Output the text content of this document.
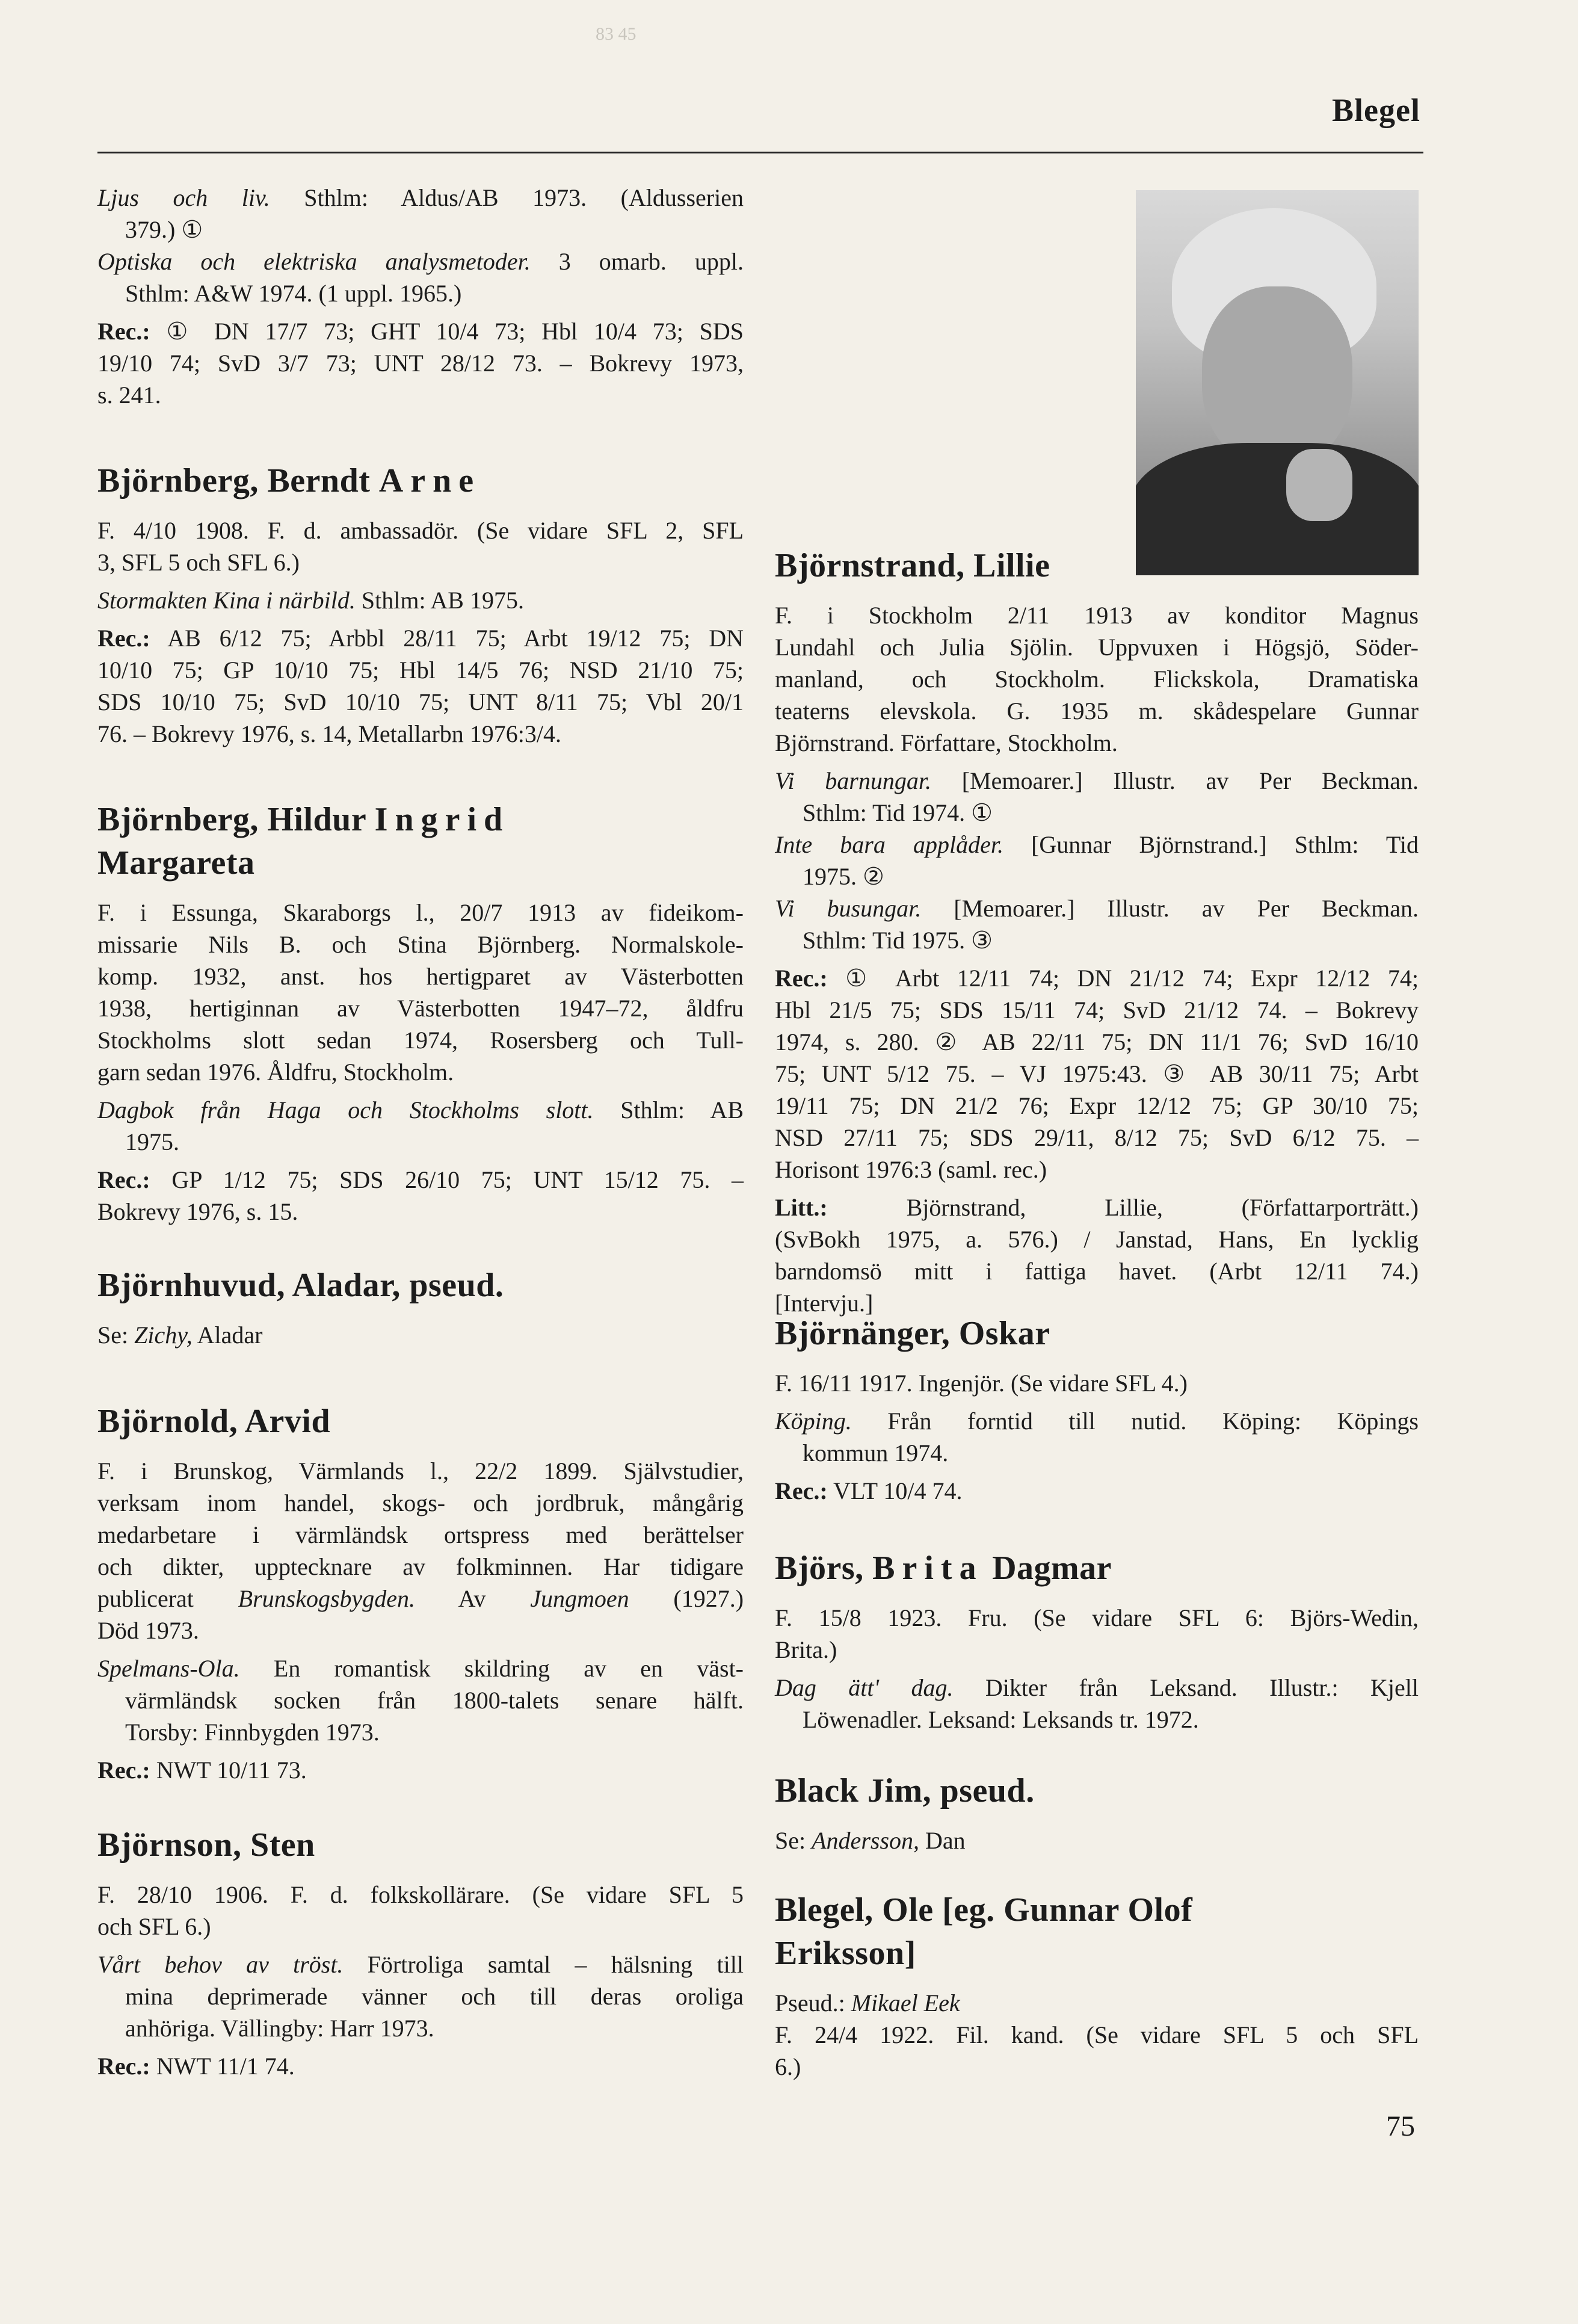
83 45
Blegel
Ljus och liv. Sthlm: Aldus/AB 1973. (Aldusserien
379.) ①
Optiska och elektriska analysmetoder. 3 omarb. uppl.
Sthlm: A&W 1974. (1 uppl. 1965.)
Rec.: ① DN 17/7 73; GHT 10/4 73; Hbl 10/4 73; SDS
19/10 74; SvD 3/7 73; UNT 28/12 73. – Bokrevy 1973,
s. 241.
Björnberg, Berndt Arne
F. 4/10 1908. F. d. ambassadör. (Se vidare SFL 2, SFL
3, SFL 5 och SFL 6.)
Stormakten Kina i närbild. Sthlm: AB 1975.
Rec.: AB 6/12 75; Arbbl 28/11 75; Arbt 19/12 75; DN
10/10 75; GP 10/10 75; Hbl 14/5 76; NSD 21/10 75;
SDS 10/10 75; SvD 10/10 75; UNT 8/11 75; Vbl 20/1
76. – Bokrevy 1976, s. 14, Metallarbn 1976:3/4.
Björnberg, Hildur Ingrid
Margareta
F. i Essunga, Skaraborgs l., 20/7 1913 av fideikom-
missarie Nils B. och Stina Björnberg. Normalskole-
komp. 1932, anst. hos hertigparet av Västerbotten
1938, hertiginnan av Västerbotten 1947–72, åldfru
Stockholms slott sedan 1974, Rosersberg och Tull-
garn sedan 1976. Åldfru, Stockholm.
Dagbok från Haga och Stockholms slott. Sthlm: AB
1975.
Rec.: GP 1/12 75; SDS 26/10 75; UNT 15/12 75. –
Bokrevy 1976, s. 15.
Björnhuvud, Aladar, pseud.
Se: Zichy, Aladar
Björnold, Arvid
F. i Brunskog, Värmlands l., 22/2 1899. Självstudier,
verksam inom handel, skogs- och jordbruk, mångårig
medarbetare i värmländsk ortspress med berättelser
och dikter, upptecknare av folkminnen. Har tidigare
publicerat Brunskogsbygden. Av Jungmoen (1927.)
Död 1973.
Spelmans-Ola. En romantisk skildring av en väst-
värmländsk socken från 1800-talets senare hälft.
Torsby: Finnbygden 1973.
Rec.: NWT 10/11 73.
Björnson, Sten
F. 28/10 1906. F. d. folkskollärare. (Se vidare SFL 5
och SFL 6.)
Vårt behov av tröst. Förtroliga samtal – hälsning till
mina deprimerade vänner och till deras oroliga
anhöriga. Vällingby: Harr 1973.
Rec.: NWT 11/1 74.
Björnstrand, Lillie
F. i Stockholm 2/11 1913 av konditor Magnus
Lundahl och Julia Sjölin. Uppvuxen i Högsjö, Söder-
manland, och Stockholm. Flickskola, Dramatiska
teaterns elevskola. G. 1935 m. skådespelare Gunnar
Björnstrand. Författare, Stockholm.
Vi barnungar. [Memoarer.] Illustr. av Per Beckman.
Sthlm: Tid 1974. ①
Inte bara applåder. [Gunnar Björnstrand.] Sthlm: Tid
1975. ②
Vi busungar. [Memoarer.] Illustr. av Per Beckman.
Sthlm: Tid 1975. ③
Rec.: ① Arbt 12/11 74; DN 21/12 74; Expr 12/12 74;
Hbl 21/5 75; SDS 15/11 74; SvD 21/12 74. – Bokrevy
1974, s. 280. ② AB 22/11 75; DN 11/1 76; SvD 16/10
75; UNT 5/12 75. – VJ 1975:43. ③ AB 30/11 75; Arbt
19/11 75; DN 21/2 76; Expr 12/12 75; GP 30/10 75;
NSD 27/11 75; SDS 29/11, 8/12 75; SvD 6/12 75. –
Horisont 1976:3 (saml. rec.)
Litt.: Björnstrand, Lillie, (Författarporträtt.)
(SvBokh 1975, a. 576.) / Janstad, Hans, En lycklig
barndomsö mitt i fattiga havet. (Arbt 12/11 74.)
[Intervju.]
Björnänger, Oskar
F. 16/11 1917. Ingenjör. (Se vidare SFL 4.)
Köping. Från forntid till nutid. Köping: Köpings
kommun 1974.
Rec.: VLT 10/4 74.
Björs, Brita Dagmar
F. 15/8 1923. Fru. (Se vidare SFL 6: Björs-Wedin,
Brita.)
Dag ätt' dag. Dikter från Leksand. Illustr.: Kjell
Löwenadler. Leksand: Leksands tr. 1972.
Black Jim, pseud.
Se: Andersson, Dan
Blegel, Ole [eg. Gunnar Olof
Eriksson]
Pseud.: Mikael Eek
F. 24/4 1922. Fil. kand. (Se vidare SFL 5 och SFL
6.)
75
